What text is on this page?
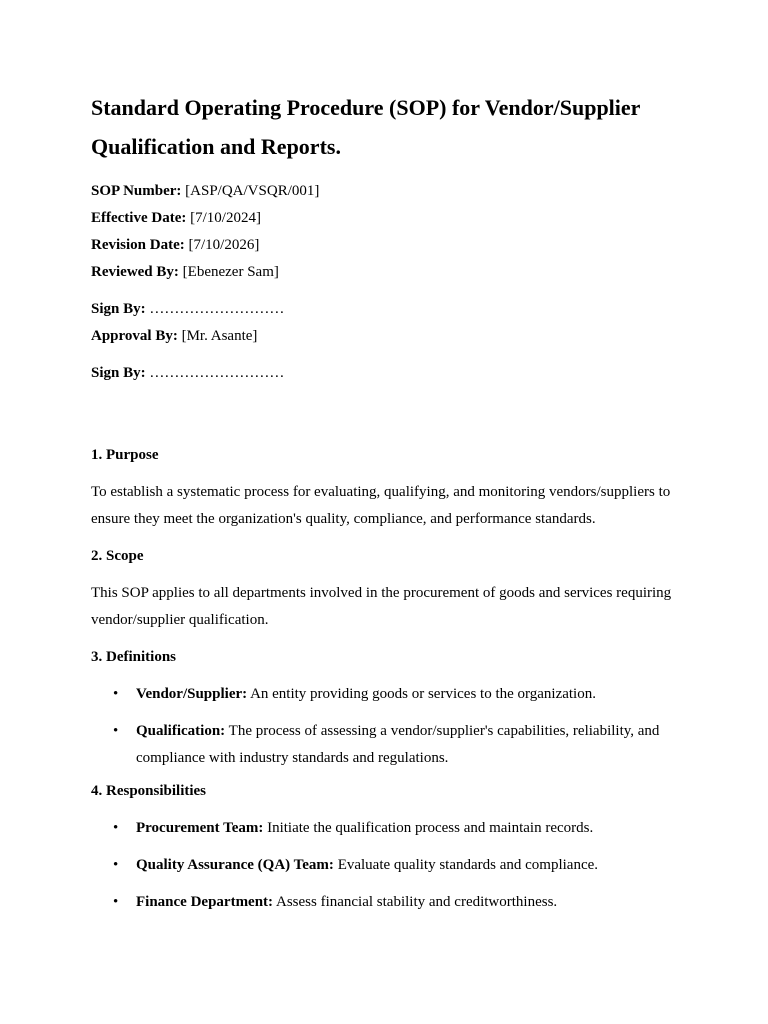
Standard Operating Procedure (SOP) for Vendor/Supplier Qualification and Reports.

SOP Number: [ASP/QA/VSQR/001]

Effective Date: [7/10/2024]

Revision Date: [7/10/2026]

Reviewed By: [Ebenezer Sam]

Sign By: ………………………

Approval By: [Mr. Asante]

Sign By: ………………………

1. Purpose

To establish a systematic process for evaluating, qualifying, and monitoring vendors/suppliers to ensure they meet the organization's quality, compliance, and performance standards.

2. Scope

This SOP applies to all departments involved in the procurement of goods and services requiring vendor/supplier qualification.

3. Definitions
• Vendor/Supplier: An entity providing goods or services to the organization.
• Qualification: The process of assessing a vendor/supplier's capabilities, reliability, and compliance with industry standards and regulations.
4. Responsibilities
• Procurement Team: Initiate the qualification process and maintain records.
• Quality Assurance (QA) Team: Evaluate quality standards and compliance.
• Finance Department: Assess financial stability and creditworthiness.
